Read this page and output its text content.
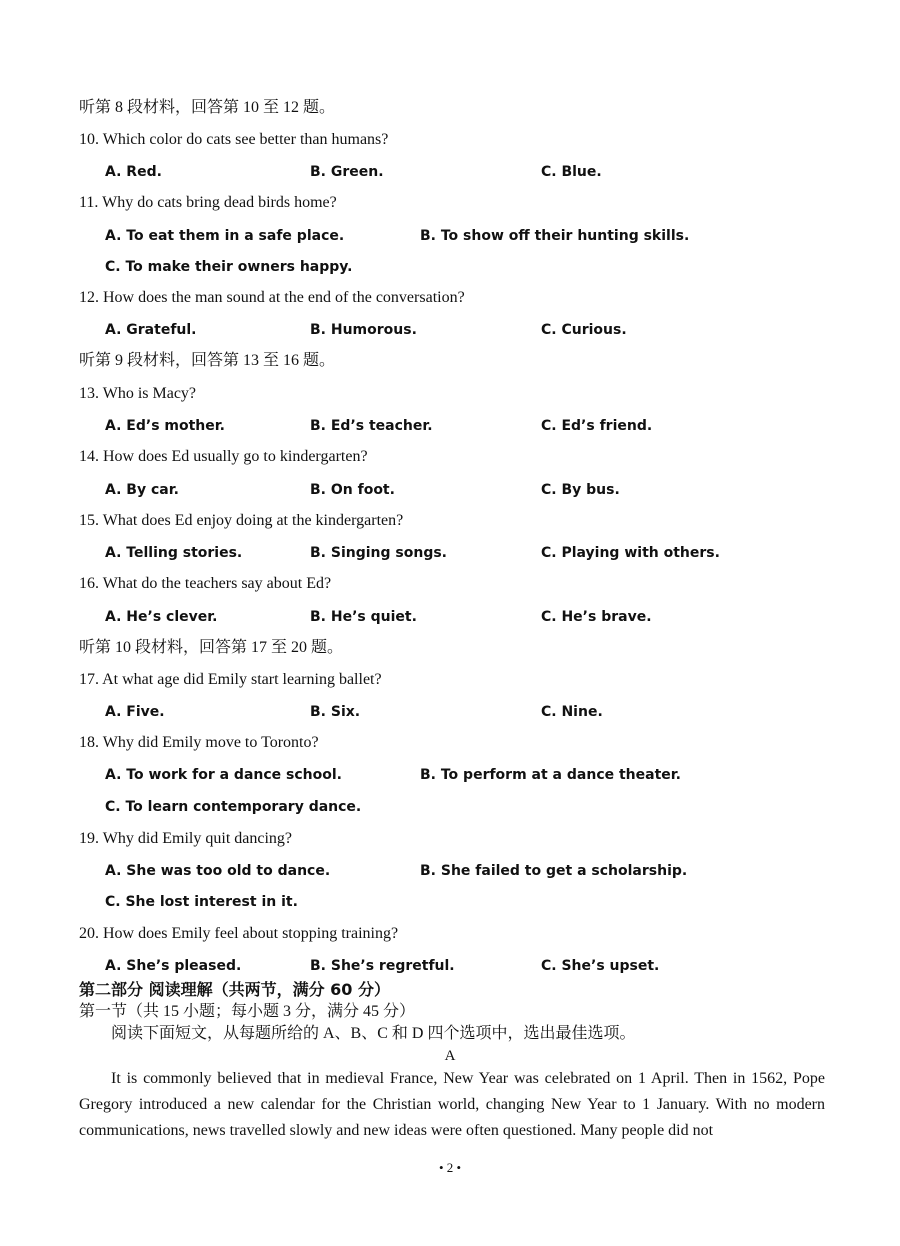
听第 8 段材料，回答第 10 至 12 题。
10. Which color do cats see better than humans?
A. Red.	B. Green.	C. Blue.
11. Why do cats bring dead birds home?
A. To eat them in a safe place.	B. To show off their hunting skills.
C. To make their owners happy.
12. How does the man sound at the end of the conversation?
A. Grateful.	B. Humorous.	C. Curious.
听第 9 段材料，回答第 13 至 16 题。
13. Who is Macy?
A. Ed’s mother.	B. Ed’s teacher.	C. Ed’s friend.
14. How does Ed usually go to kindergarten?
A. By car.	B. On foot.	C. By bus.
15. What does Ed enjoy doing at the kindergarten?
A. Telling stories.	B. Singing songs.	C. Playing with others.
16. What do the teachers say about Ed?
A. He’s clever.	B. He’s quiet.	C. He’s brave.
听第 10 段材料，回答第 17 至 20 题。
17. At what age did Emily start learning ballet?
A. Five.	B. Six.	C. Nine.
18. Why did Emily move to Toronto?
A. To work for a dance school.	B. To perform at a dance theater.
C. To learn contemporary dance.
19. Why did Emily quit dancing?
A. She was too old to dance.	B. She failed to get a scholarship.
C. She lost interest in it.
20. How does Emily feel about stopping training?
A. She’s pleased.	B. She’s regretful.	C. She’s upset.
第二部分 阅读理解（共两节，满分 60 分）
第一节（共 15 小题；每小题 3 分，满分 45 分）
阅读下面短文，从每题所给的 A、B、C 和 D 四个选项中，选出最佳选项。
A
It is commonly believed that in medieval France, New Year was celebrated on 1 April. Then in 1562, Pope Gregory introduced a new calendar for the Christian world, changing New Year to 1 January. With no modern communications, news travelled slowly and new ideas were often questioned. Many people did not
• 2 •
